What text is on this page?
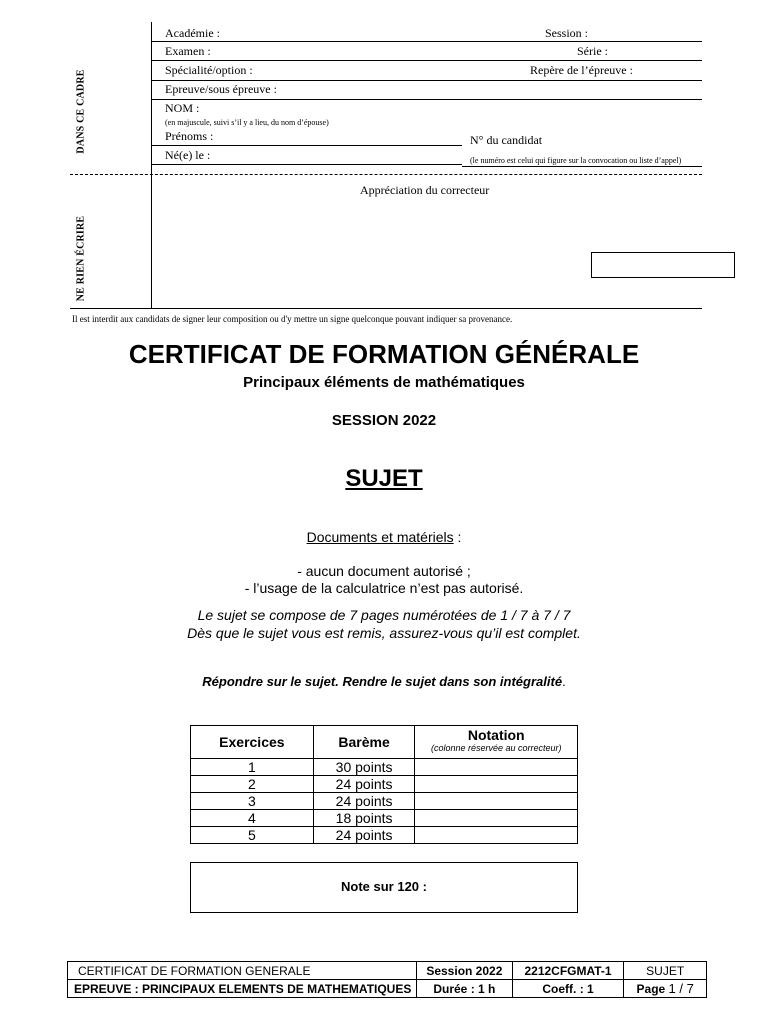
DANS CE CADRE
NE RIEN ÉCRIRE
Académie :	Session :
Examen :	Série :
Spécialité/option :	Repère de l’épreuve :
Epreuve/sous épreuve :
NOM :
(en majuscule, suivi s’il y a lieu, du nom d’épouse)
Prénoms :	N° du candidat
Né(e) le :	(le numéro est celui qui figure sur la convocation ou liste d’appel)
Appréciation du correcteur
Il est interdit aux candidats de signer leur composition ou d'y mettre un signe quelconque pouvant indiquer sa provenance.
CERTIFICAT DE FORMATION GÉNÉRALE
Principaux éléments de mathématiques
SESSION 2022
SUJET
Documents et matériels :
- aucun document autorisé ;
- l’usage de la calculatrice n’est pas autorisé.
Le sujet se compose de 7 pages numérotées de 1 / 7 à 7 / 7
Dès que le sujet vous est remis, assurez-vous qu’il est complet.
Répondre sur le sujet. Rendre le sujet dans son intégralité.
Exercices	Barème	Notation
(colonne réservée au correcteur)

1	30 points	
2	24 points	
3	24 points	
4	18 points	
5	24 points	
Note sur 120 :
CERTIFICAT DE FORMATION GENERALE	Session 2022	2212CFGMAT-1	SUJET
EPREUVE : PRINCIPAUX ELEMENTS DE MATHEMATIQUES	Durée : 1 h	Coeff. : 1	Page 1 / 7
